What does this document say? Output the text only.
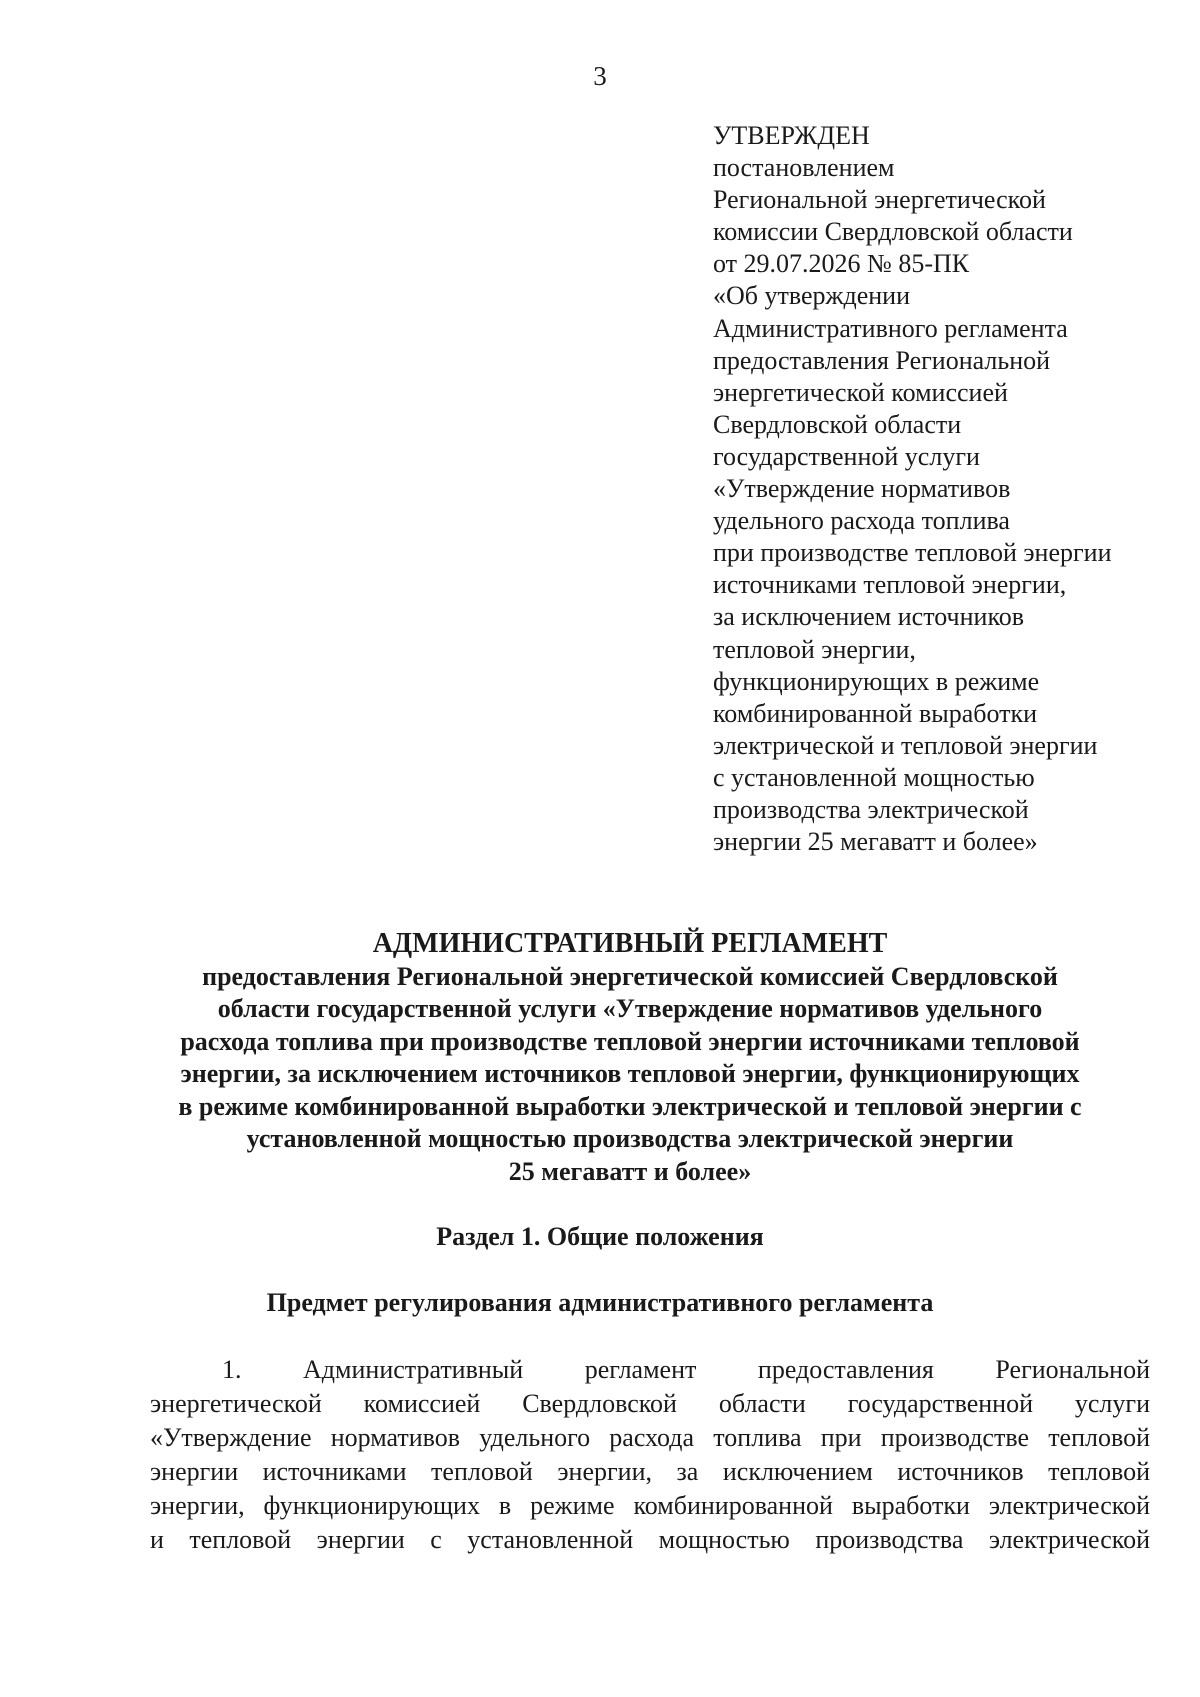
3
УТВЕРЖДЕН
постановлением
Региональной энергетической
комиссии Свердловской области
от 29.07.2026 № 85-ПК
«Об утверждении
Административного регламента
предоставления Региональной
энергетической комиссией
Свердловской области
государственной услуги
«Утверждение нормативов
удельного расхода топлива
при производстве тепловой энергии
источниками тепловой энергии,
за исключением источников
тепловой энергии,
функционирующих в режиме
комбинированной выработки
электрической и тепловой энергии
с установленной мощностью
производства электрической
энергии 25 мегаватт и более»
АДМИНИСТРАТИВНЫЙ РЕГЛАМЕНТ
предоставления Региональной энергетической комиссией Свердловской
области государственной услуги «Утверждение нормативов удельного
расхода топлива при производстве тепловой энергии источниками тепловой
энергии, за исключением источников тепловой энергии, функционирующих
в режиме комбинированной выработки электрической и тепловой энергии с
установленной мощностью производства электрической энергии
25 мегаватт и более»
Раздел 1. Общие положения
Предмет регулирования административного регламента
1. Административный регламент предоставления Региональной
энергетической комиссией Свердловской области государственной услуги
«Утверждение нормативов удельного расхода топлива при производстве тепловой
энергии источниками тепловой энергии, за исключением источников тепловой
энергии, функционирующих в режиме комбинированной выработки электрической
и тепловой энергии с установленной мощностью производства электрической
